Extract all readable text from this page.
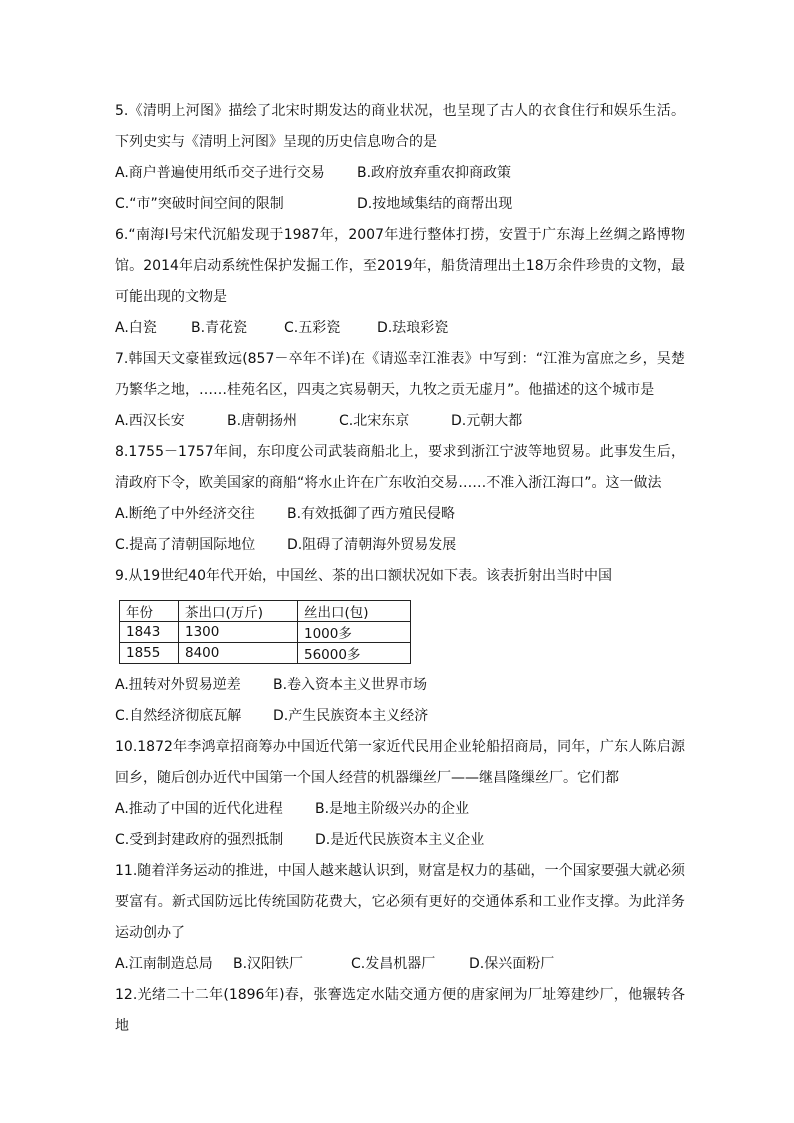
5.《清明上河图》描绘了北宋时期发达的商业状况，也呈现了古人的衣食住行和娱乐生活。下列史实与《清明上河图》呈现的历史信息吻合的是

A.商户普遍使用纸币交子进行交易	B.政府放弃重农抑商政策
C.“市”突破时间空间的限制	D.按地域集结的商帮出现

6.“南海Ⅰ号宋代沉船发现于1987年，2007年进行整体打捞，安置于广东海上丝绸之路博物馆。2014年启动系统性保护发掘工作，至2019年，船货清理出土18万余件珍贵的文物，最可能出现的文物是

A.白瓷	B.青花瓷	C.五彩瓷	D.珐琅彩瓷

7.韩国天文豪崔致远(857－卒年不详)在《请巡幸江淮表》中写到：“江淮为富庶之乡，吴楚乃繁华之地，……桂苑名区，四夷之宾易朝天，九牧之贡无虚月”。他描述的这个城市是

A.西汉长安	B.唐朝扬州	C.北宋东京	D.元朝大都

8.1755－1757年间，东印度公司武装商船北上，要求到浙江宁波等地贸易。此事发生后，清政府下令，欧美国家的商船“将水止许在广东收泊交易……不准入浙江海口”。这一做法

A.断绝了中外经济交往	B.有效抵御了西方殖民侵略
C.提高了清朝国际地位	D.阻碍了清朝海外贸易发展

9.从19世纪40年代开始，中国丝、茶的出口额状况如下表。该表折射出当时中国

年份	茶出口(万斤)	丝出口(包)
1843	1300	1000多
1855	8400	56000多
A.扭转对外贸易逆差	B.卷入资本主义世界市场
C.自然经济彻底瓦解	D.产生民族资本主义经济

10.1872年李鸿章招商筹办中国近代第一家近代民用企业轮船招商局，同年，广东人陈启源回乡，随后创办近代中国第一个国人经营的机器缫丝厂——继昌隆缫丝厂。它们都

A.推动了中国的近代化进程	B.是地主阶级兴办的企业
C.受到封建政府的强烈抵制	D.是近代民族资本主义企业

11.随着洋务运动的推进，中国人越来越认识到，财富是权力的基础，一个国家要强大就必须要富有。新式国防远比传统国防花费大，它必须有更好的交通体系和工业作支撑。为此洋务运动创办了

A.江南制造总局	B.汉阳铁厂	C.发昌机器厂	D.保兴面粉厂

12.光绪二十二年(1896年)春，张謇选定水陆交通方便的唐家闸为厂址筹建纱厂，他辗转各地
